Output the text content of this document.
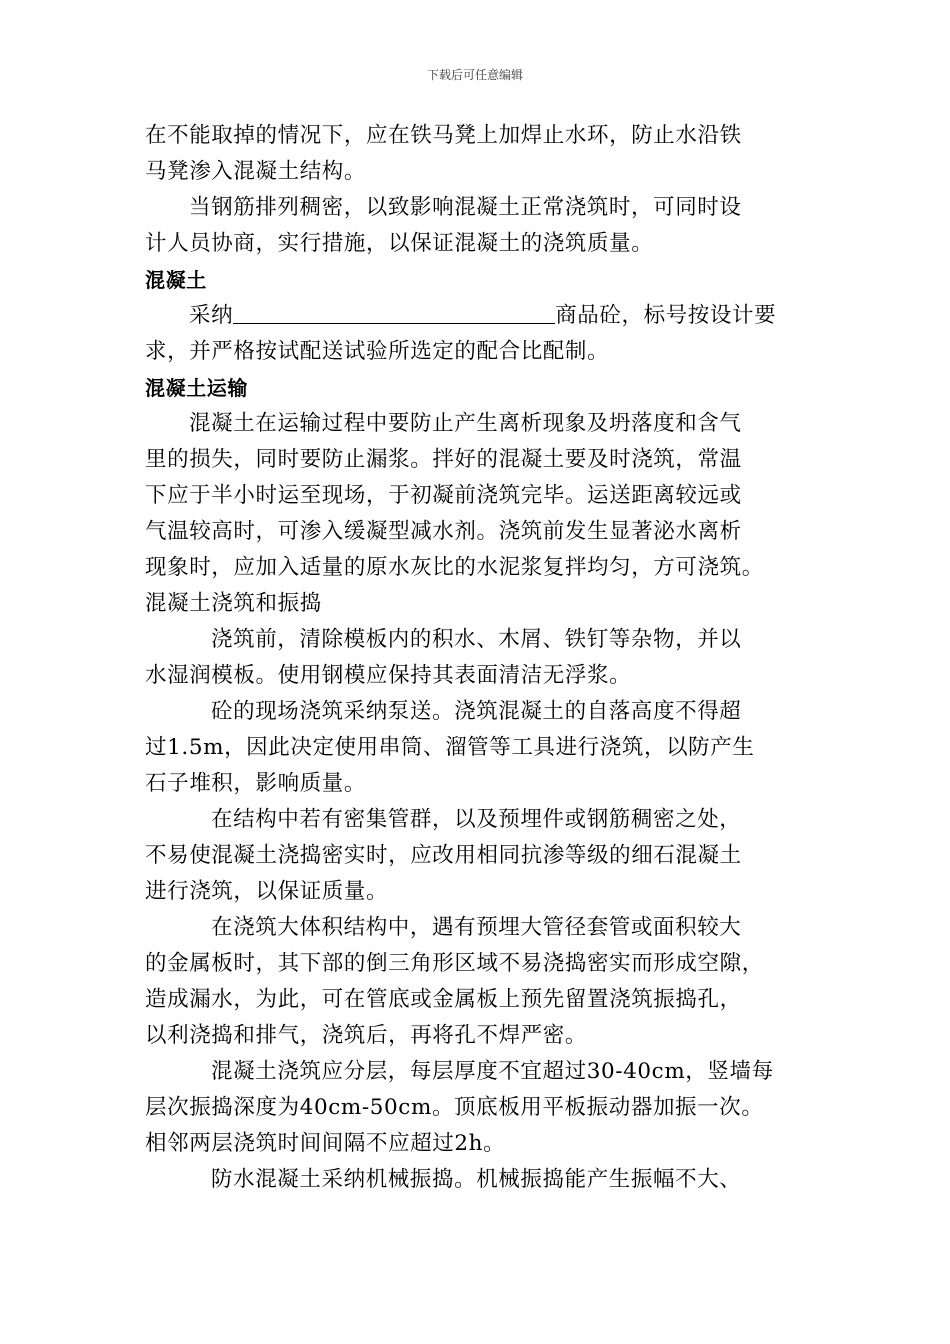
下载后可任意编辑
在不能取掉的情况下，应在铁马凳上加焊止水环，防止水沿铁
马凳渗入混凝土结构。
当钢筋排列稠密，以致影响混凝土正常浇筑时，可同时设
计人员协商，实行措施，以保证混凝土的浇筑质量。
混凝土
采纳	商品砼，标号按设计要
求，并严格按试配送试验所选定的配合比配制。
混凝土运输
混凝土在运输过程中要防止产生离析现象及坍落度和含气
里的损失，同时要防止漏浆。拌好的混凝土要及时浇筑，常温
下应于半小时运至现场，于初凝前浇筑完毕。运送距离较远或
气温较高时，可渗入缓凝型减水剂。浇筑前发生显著泌水离析
现象时，应加入适量的原水灰比的水泥浆复拌均匀，方可浇筑。
混凝土浇筑和振捣
浇筑前，清除模板内的积水、木屑、铁钉等杂物，并以
水湿润模板。使用钢模应保持其表面清洁无浮浆。
砼的现场浇筑采纳泵送。浇筑混凝土的自落高度不得超
过1.5m，因此决定使用串筒、溜管等工具进行浇筑，以防产生
石子堆积，影响质量。
在结构中若有密集管群，以及预埋件或钢筋稠密之处，
不易使混凝土浇捣密实时，应改用相同抗渗等级的细石混凝土
进行浇筑，以保证质量。
在浇筑大体积结构中，遇有预埋大管径套管或面积较大
的金属板时，其下部的倒三角形区域不易浇捣密实而形成空隙，
造成漏水，为此，可在管底或金属板上预先留置浇筑振捣孔，
以利浇捣和排气，浇筑后，再将孔不焊严密。
混凝土浇筑应分层，每层厚度不宜超过30-40cm，竖墙每
层次振捣深度为40cm-50cm。顶底板用平板振动器加振一次。
相邻两层浇筑时间间隔不应超过2h。
防水混凝土采纳机械振捣。机械振捣能产生振幅不大、
